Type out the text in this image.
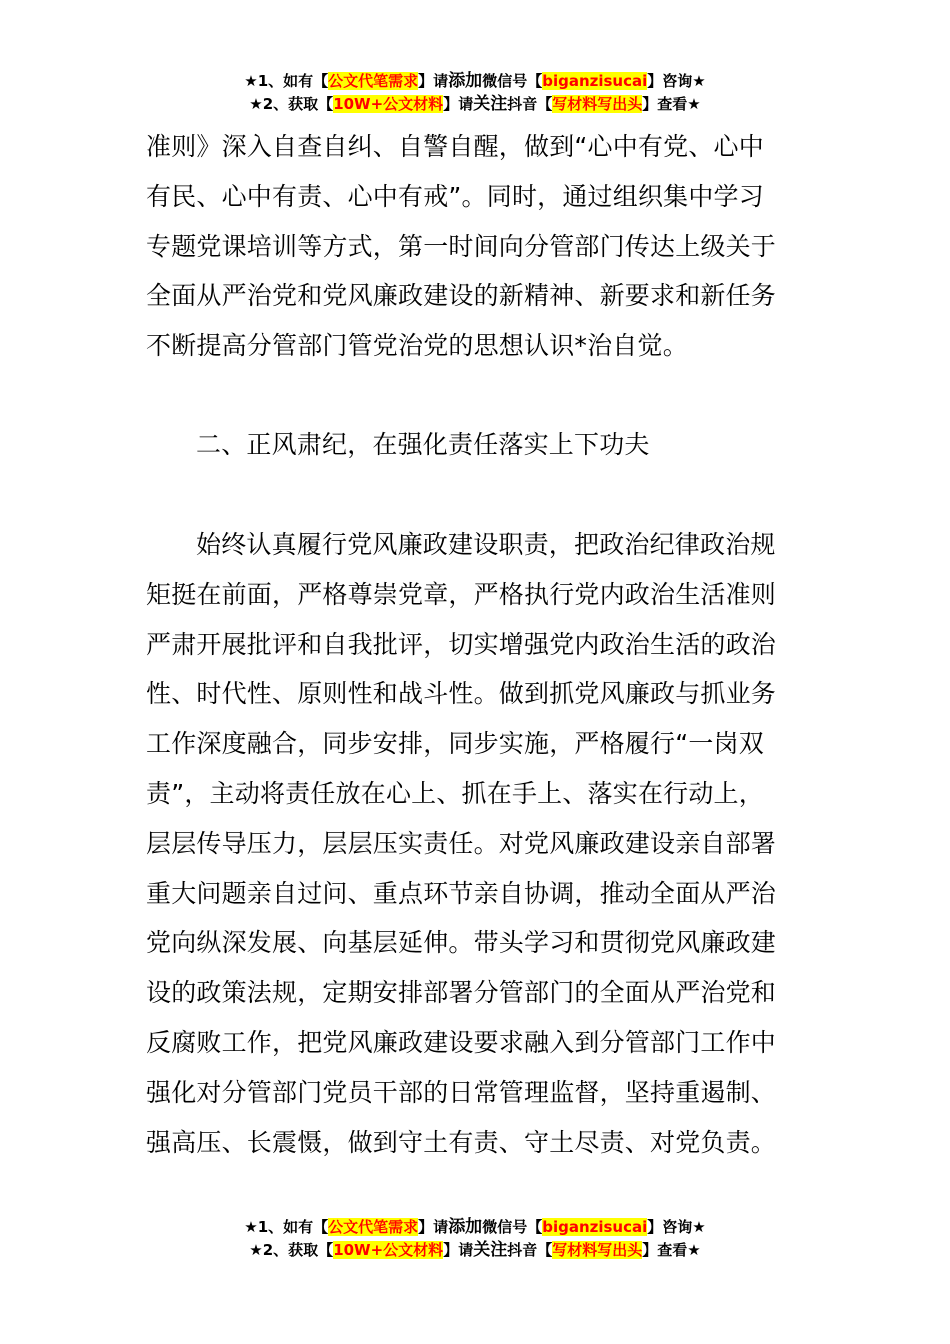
★1、如有【公文代笔需求】请添加微信号【biganzisucai】咨询★
★2、获取【10W+公文材料】请关注抖音【写材料写出头】查看★
准则》深入自查自纠、自警自醒，做到“心中有党、心中
有民、心中有责、心中有戒”。同时，通过组织集中学习
专题党课培训等方式，第一时间向分管部门传达上级关于
全面从严治党和党风廉政建设的新精神、新要求和新任务
不断提高分管部门管党治党的思想认识*治自觉。
二、正风肃纪，在强化责任落实上下功夫
始终认真履行党风廉政建设职责，把政治纪律政治规
矩挺在前面，严格尊崇党章，严格执行党内政治生活准则
严肃开展批评和自我批评，切实增强党内政治生活的政治
性、时代性、原则性和战斗性。做到抓党风廉政与抓业务
工作深度融合，同步安排，同步实施，严格履行“一岗双
责”，主动将责任放在心上、抓在手上、落实在行动上，
层层传导压力，层层压实责任。对党风廉政建设亲自部署
重大问题亲自过问、重点环节亲自协调，推动全面从严治
党向纵深发展、向基层延伸。带头学习和贯彻党风廉政建
设的政策法规，定期安排部署分管部门的全面从严治党和
反腐败工作，把党风廉政建设要求融入到分管部门工作中
强化对分管部门党员干部的日常管理监督，坚持重遏制、
强高压、长震慑，做到守土有责、守土尽责、对党负责。
★1、如有【公文代笔需求】请添加微信号【biganzisucai】咨询★
★2、获取【10W+公文材料】请关注抖音【写材料写出头】查看★
